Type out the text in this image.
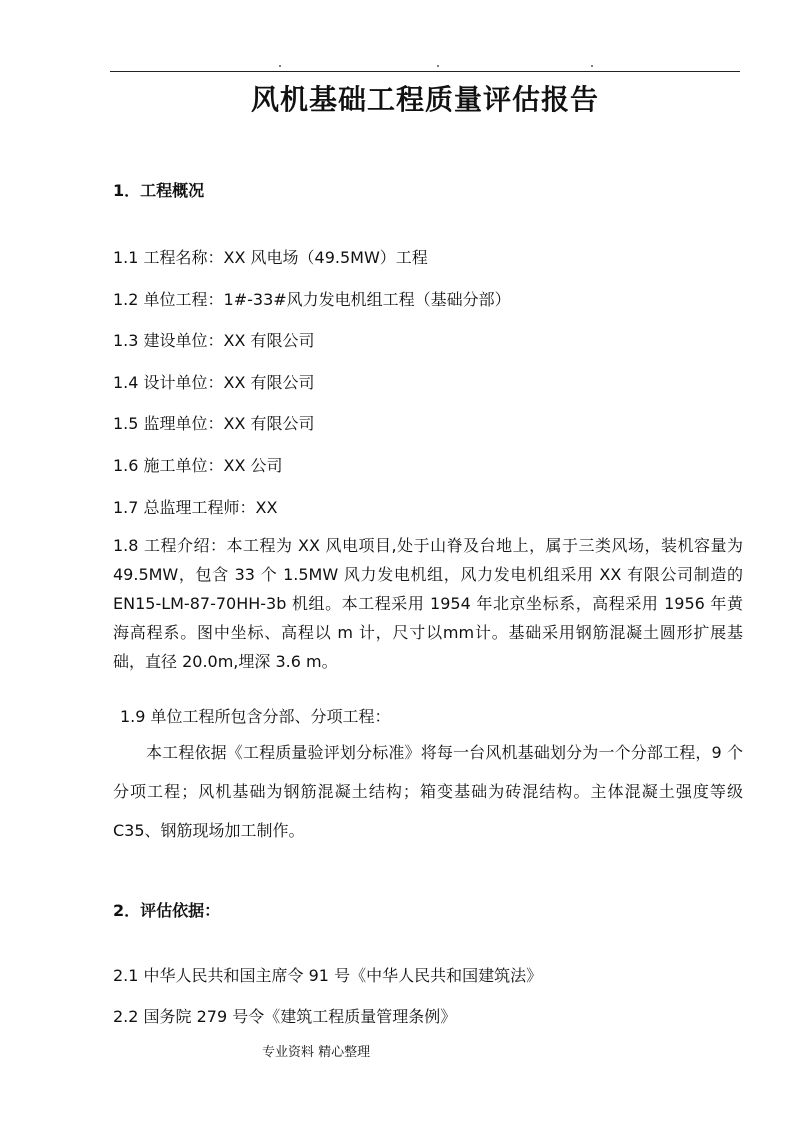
风机基础工程质量评估报告
1．工程概况
1.1 工程名称：XX 风电场（49.5MW）工程
1.2 单位工程：1#-33#风力发电机组工程（基础分部）
1.3 建设单位：XX 有限公司
1.4 设计单位：XX 有限公司
1.5 监理单位：XX 有限公司
1.6 施工单位：XX 公司
1.7 总监理工程师：XX
1.8 工程介绍：本工程为 XX 风电项目,处于山脊及台地上，属于三类风场，装机容量为 49.5MW，包含 33 个 1.5MW 风力发电机组，风力发电机组采用 XX 有限公司制造的 EN15-LM-87-70HH-3b 机组。本工程采用 1954 年北京坐标系，高程采用 1956 年黄海高程系。图中坐标、高程以 m 计，尺寸以mm计。基础采用钢筋混凝土圆形扩展基础，直径 20.0m,埋深 3.6 m。
1.9 单位工程所包含分部、分项工程：
本工程依据《工程质量验评划分标准》将每一台风机基础划分为一个分部工程，9 个分项工程；风机基础为钢筋混凝土结构；箱变基础为砖混结构。主体混凝土强度等级 C35、钢筋现场加工制作。
2．评估依据：
2.1 中华人民共和国主席令 91 号《中华人民共和国建筑法》
2.2 国务院 279 号令《建筑工程质量管理条例》
专业资料 精心整理
